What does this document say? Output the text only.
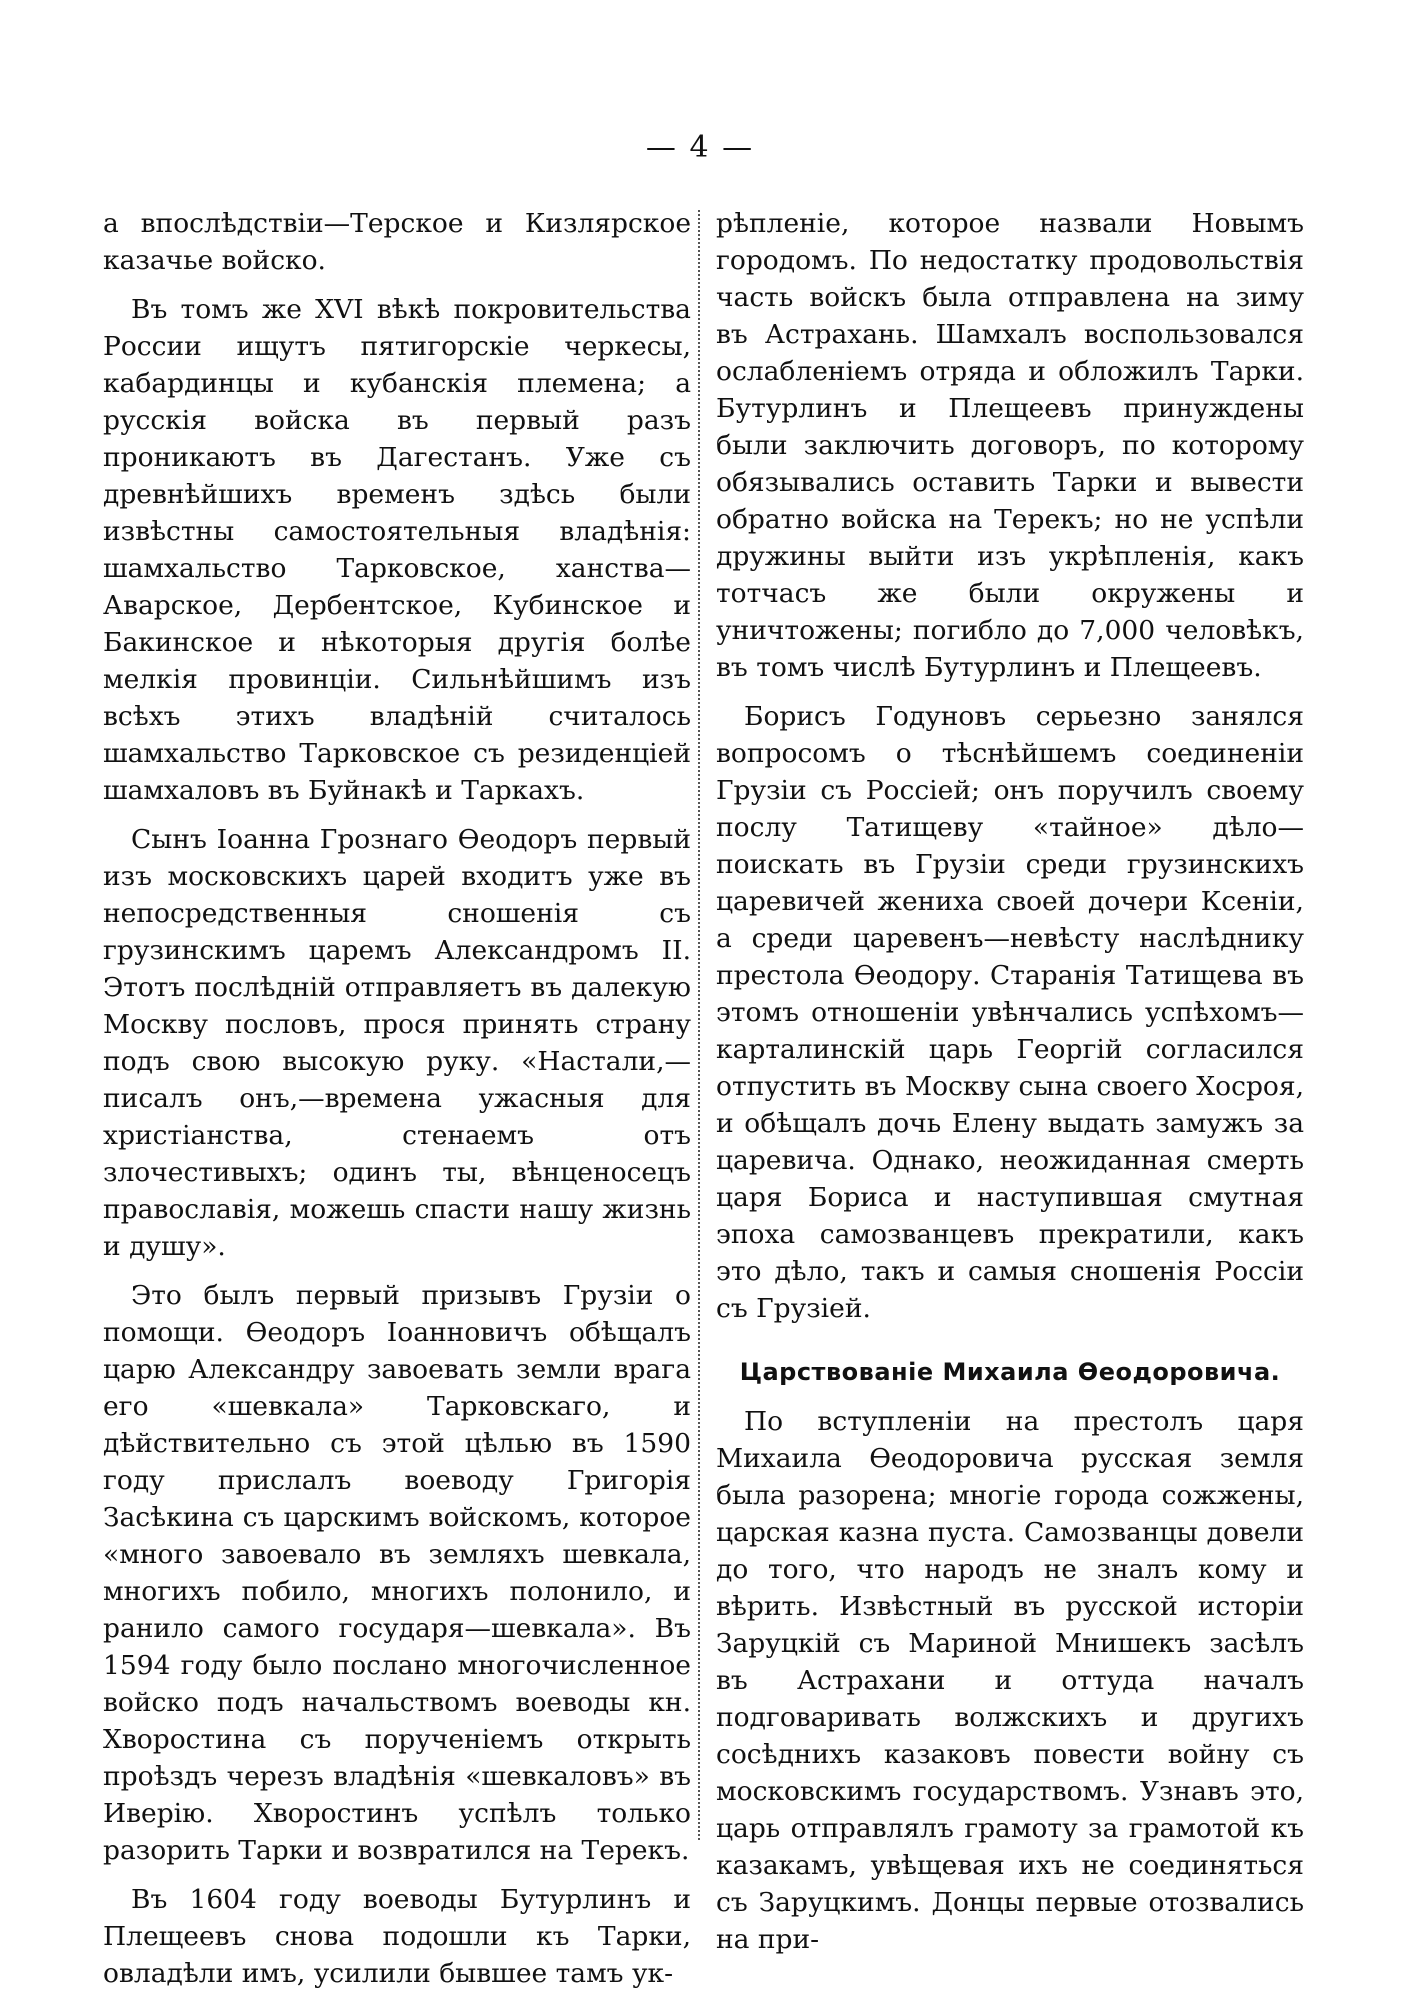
— 4 —

а впослѣдствіи—Терское и Кизлярское казачье войско.

Въ томъ же XVI вѣкѣ покровительства России ищутъ пятигорскіе черкесы, кабардинцы и кубанскія племена; а русскія войска въ первый разъ проникаютъ въ Дагестанъ. Уже съ древнѣйшихъ временъ здѣсь были извѣстны самостоятельныя владѣнія: шамхальство Тарковское, ханства—Аварское, Дербентское, Кубинское и Бакинское и нѣкоторыя другія болѣе мелкія провинціи. Сильнѣйшимъ изъ всѣхъ этихъ владѣній считалось шамхальство Тарковское съ резиденціей шамхаловъ въ Буйнакѣ и Таркахъ.

Сынъ Іоанна Грознаго Ѳеодоръ первый изъ московскихъ царей входитъ уже въ непосредственныя сношенія съ грузинскимъ царемъ Александромъ II. Этотъ послѣдній отправляетъ въ далекую Москву пословъ, прося принять страну подъ свою высокую руку. «Настали,—писалъ онъ,—времена ужасныя для христіанства, стенаемъ отъ злочестивыхъ; одинъ ты, вѣнценосецъ православія, можешь спасти нашу жизнь и душу».

Это былъ первый призывъ Грузіи о помощи. Ѳеодоръ Іоанновичъ обѣщалъ царю Александру завоевать земли врага его «шевкала» Тарковскаго, и дѣйствительно съ этой цѣлью въ 1590 году прислалъ воеводу Григорія Засѣкина съ царскимъ войскомъ, которое «много завоевало въ земляхъ шевкала, многихъ побило, многихъ полонило, и ранило самого государя—шевкала». Въ 1594 году было послано многочисленное войско подъ начальствомъ воеводы кн. Хворостина съ порученіемъ открыть проѣздъ черезъ владѣнія «шевкаловъ» въ Иверію. Хворостинъ успѣлъ только разорить Тарки и возвратился на Терекъ.

Въ 1604 году воеводы Бутурлинъ и Плещеевъ снова подошли къ Тарки, овладѣли имъ, усилили бывшее тамъ ук-

рѣпленіе, которое назвали Новымъ городомъ. По недостатку продовольствія часть войскъ была отправлена на зиму въ Астрахань. Шамхалъ воспользовался ослабленіемъ отряда и обложилъ Тарки. Бутурлинъ и Плещеевъ принуждены были заключить договоръ, по которому обязывались оставить Тарки и вывести обратно войска на Терекъ; но не успѣли дружины выйти изъ укрѣпленія, какъ тотчасъ же были окружены и уничтожены; погибло до 7,000 человѣкъ, въ томъ числѣ Бутурлинъ и Плещеевъ.

Борисъ Годуновъ серьезно занялся вопросомъ о тѣснѣйшемъ соединеніи Грузіи съ Россіей; онъ поручилъ своему послу Татищеву «тайное» дѣло—поискать въ Грузіи среди грузинскихъ царевичей жениха своей дочери Ксеніи, а среди царевенъ—невѣсту наслѣднику престола Ѳеодору. Старанія Татищева въ этомъ отношеніи увѣнчались успѣхомъ—карталинскій царь Георгій согласился отпустить въ Москву сына своего Хосроя, и обѣщалъ дочь Елену выдать замужъ за царевича. Однако, неожиданная смерть царя Бориса и наступившая смутная эпоха самозванцевъ прекратили, какъ это дѣло, такъ и самыя сношенія Россіи съ Грузіей.

Царствованіе Михаила Ѳеодоровича.

По вступленіи на престолъ царя Михаила Ѳеодоровича русская земля была разорена; многіе города сожжены, царская казна пуста. Самозванцы довели до того, что народъ не зналъ кому и вѣрить. Извѣстный въ русской исторіи Заруцкій съ Мариной Мнишекъ засѣлъ въ Астрахани и оттуда началъ подговаривать волжскихъ и другихъ сосѣднихъ казаковъ повести войну съ московскимъ государствомъ. Узнавъ это, царь отправлялъ грамоту за грамотой къ казакамъ, увѣщевая ихъ не соединяться съ Заруцкимъ. Донцы первые отозвались на при-
